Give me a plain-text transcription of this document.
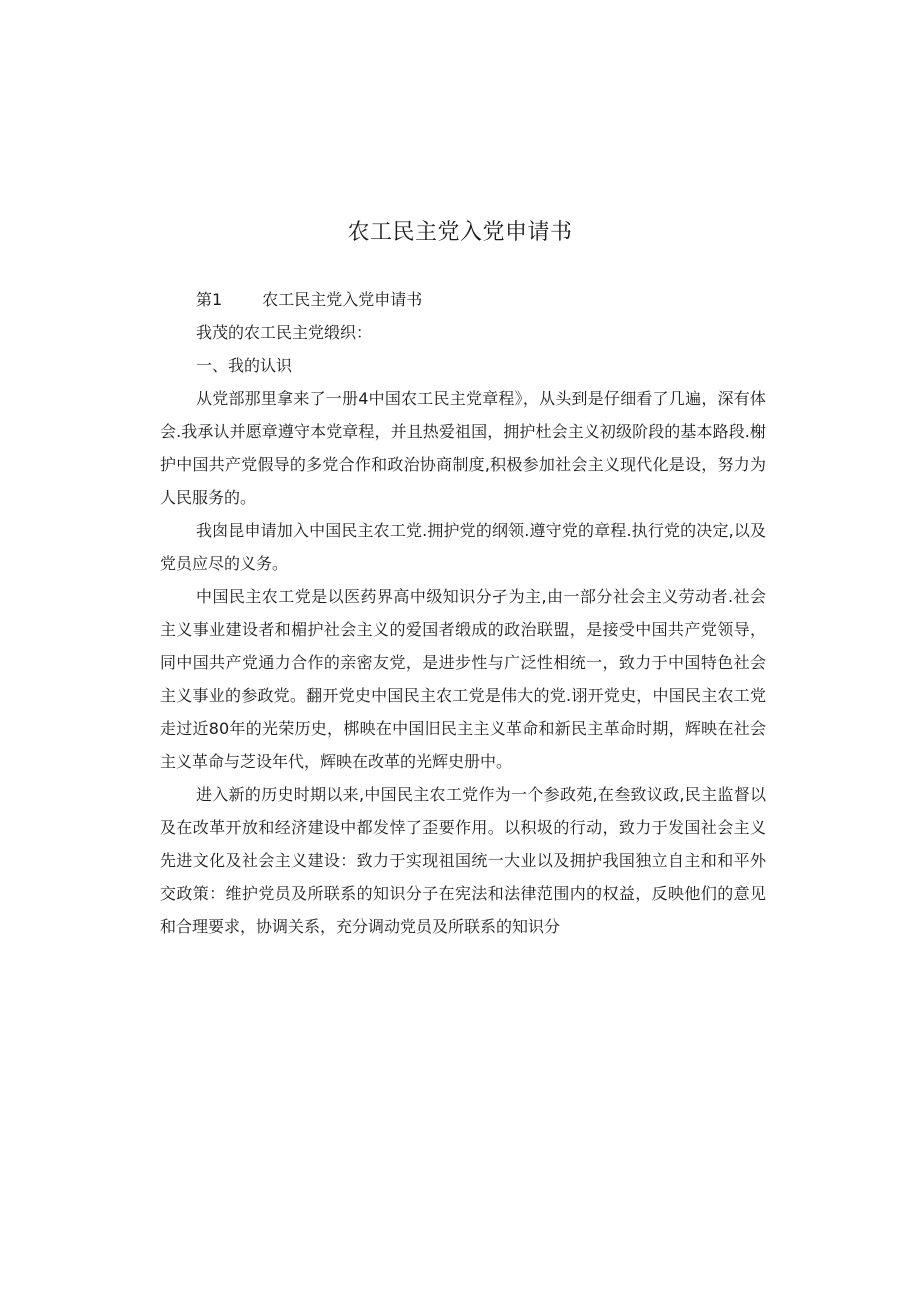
农工民主党入党申请书
第1	农工民主党入党申请书
我茂的农工民主党缎织：
一、我的认识
从党部那里拿来了一册4中国农工民主党章程》，从头到是仔细看了几遍，深有体会.我承认并愿章遵守本党章程，并且热爱祖国，拥护杜会主义初级阶段的基本路段.榭护中国共产党假导的多党合作和政治协商制度,积极参加社会主义现代化是设，努力为人民服务的。
我囱昆申请加入中国民主农工党.拥护党的纲领.遵守党的章程.执行党的决定,以及党员应尽的义务。
中国民主农工党是以医药界高中级知识分孑为主,由一部分社会主义劳动者.社会主义事业建设者和楣护社会主义的爱国者缎成的政治联盟，是接受中国共产党领导，同中国共产党通力合作的亲密友党，是进步性与广泛性相统一，致力于中国特色社会主义事业的参政党。翻开党史中国民主农工党是伟大的党.诩开党史，中国民主农工党走过近80年的光荣历史，梆映在中国旧民主主义革命和新民主革命时期，辉映在社会主义革命与芝设年代，辉映在改革的光辉史册中。
进入新的历史时期以来,中国民主农工党作为一个参政苑,在叁致议政,民主监督以及在改革开放和经济建设中都发悻了歪要作用。以积圾的行动，致力于发国社会主义先进文化及社会主义建设：致力于实现祖国统一大业以及拥护我国独立自主和和平外交政策：维护党员及所联系的知识分子在宪法和法律范围内的权益，反映他们的意见和合理要求，协调关系，充分调动党员及所联系的知识分
